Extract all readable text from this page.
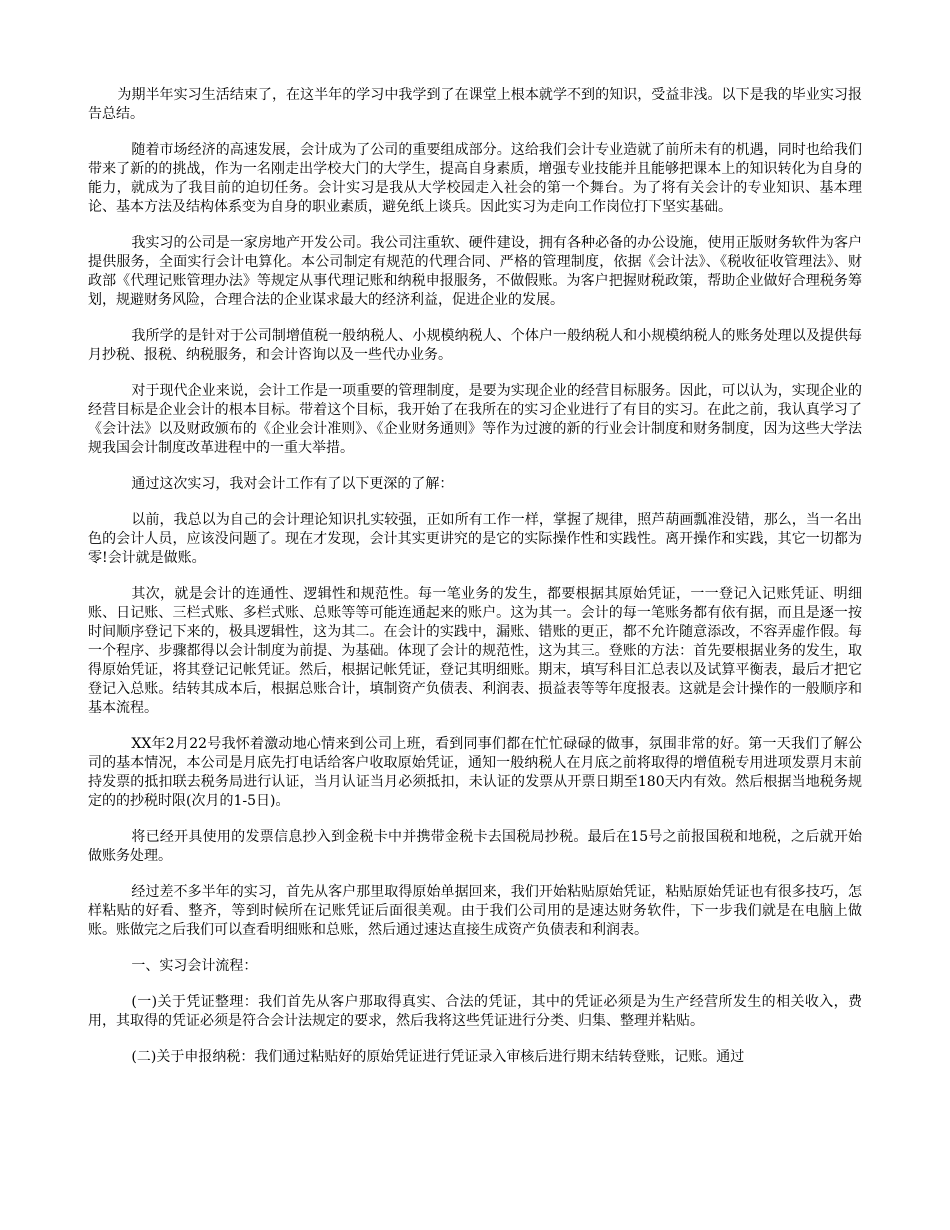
为期半年实习生活结束了，在这半年的学习中我学到了在课堂上根本就学不到的知识，受益非浅。以下是我的毕业实习报告总结。

随着市场经济的高速发展，会计成为了公司的重要组成部分。这给我们会计专业造就了前所未有的机遇，同时也给我们带来了新的的挑战，作为一名刚走出学校大门的大学生，提高自身素质，增强专业技能并且能够把课本上的知识转化为自身的能力，就成为了我目前的迫切任务。会计实习是我从大学校园走入社会的第一个舞台。为了将有关会计的专业知识、基本理论、基本方法及结构体系变为自身的职业素质，避免纸上谈兵。因此实习为走向工作岗位打下坚实基础。

我实习的公司是一家房地产开发公司。我公司注重软、硬件建设，拥有各种必备的办公设施，使用正版财务软件为客户提供服务，全面实行会计电算化。本公司制定有规范的代理合同、严格的管理制度，依据《会计法》、《税收征收管理法》、财政部《代理记账管理办法》等规定从事代理记账和纳税申报服务，不做假账。为客户把握财税政策，帮助企业做好合理税务筹划，规避财务风险，合理合法的企业谋求最大的经济利益，促进企业的发展。

我所学的是针对于公司制增值税一般纳税人、小规模纳税人、个体户一般纳税人和小规模纳税人的账务处理以及提供每月抄税、报税、纳税服务，和会计咨询以及一些代办业务。

对于现代企业来说，会计工作是一项重要的管理制度，是要为实现企业的经营目标服务。因此，可以认为，实现企业的经营目标是企业会计的根本目标。带着这个目标，我开始了在我所在的实习企业进行了有目的实习。在此之前，我认真学习了《会计法》以及财政颁布的《企业会计准则》、《企业财务通则》等作为过渡的新的行业会计制度和财务制度，因为这些大学法规我国会计制度改革进程中的一重大举措。

通过这次实习，我对会计工作有了以下更深的了解：

以前，我总以为自己的会计理论知识扎实较强，正如所有工作一样，掌握了规律，照芦葫画瓢准没错，那么，当一名出色的会计人员，应该没问题了。现在才发现，会计其实更讲究的是它的实际操作性和实践性。离开操作和实践，其它一切都为零!会计就是做账。

其次，就是会计的连通性、逻辑性和规范性。每一笔业务的发生，都要根据其原始凭证，一一登记入记账凭证、明细账、日记账、三栏式账、多栏式账、总账等等可能连通起来的账户。这为其一。会计的每一笔账务都有依有据，而且是逐一按时间顺序登记下来的，极具逻辑性，这为其二。在会计的实践中，漏账、错账的更正，都不允许随意添改，不容弄虚作假。每一个程序、步骤都得以会计制度为前提、为基础。体现了会计的规范性，这为其三。登账的方法：首先要根据业务的发生，取得原始凭证，将其登记记帐凭证。然后，根据记帐凭证，登记其明细账。期末，填写科目汇总表以及试算平衡表，最后才把它登记入总账。结转其成本后，根据总账合计，填制资产负债表、利润表、损益表等等年度报表。这就是会计操作的一般顺序和基本流程。

XX年2月22号我怀着激动地心情来到公司上班，看到同事们都在忙忙碌碌的做事，氛围非常的好。第一天我们了解公司的基本情况，本公司是月底先打电话给客户收取原始凭证，通知一般纳税人在月底之前将取得的增值税专用进项发票月末前持发票的抵扣联去税务局进行认证，当月认证当月必须抵扣，未认证的发票从开票日期至180天内有效。然后根据当地税务规定的的抄税时限(次月的1-5日)。

将已经开具使用的发票信息抄入到金税卡中并携带金税卡去国税局抄税。最后在15号之前报国税和地税，之后就开始做账务处理。

经过差不多半年的实习，首先从客户那里取得原始单据回来，我们开始粘贴原始凭证，粘贴原始凭证也有很多技巧，怎样粘贴的好看、整齐，等到时候所在记账凭证后面很美观。由于我们公司用的是速达财务软件，下一步我们就是在电脑上做账。账做完之后我们可以查看明细账和总账，然后通过速达直接生成资产负债表和利润表。

一、实习会计流程：

(一)关于凭证整理：我们首先从客户那取得真实、合法的凭证，其中的凭证必须是为生产经营所发生的相关收入，费用，其取得的凭证必须是符合会计法规定的要求，然后我将这些凭证进行分类、归集、整理并粘贴。

(二)关于申报纳税：我们通过粘贴好的原始凭证进行凭证录入审核后进行期末结转登账，记账。通过
